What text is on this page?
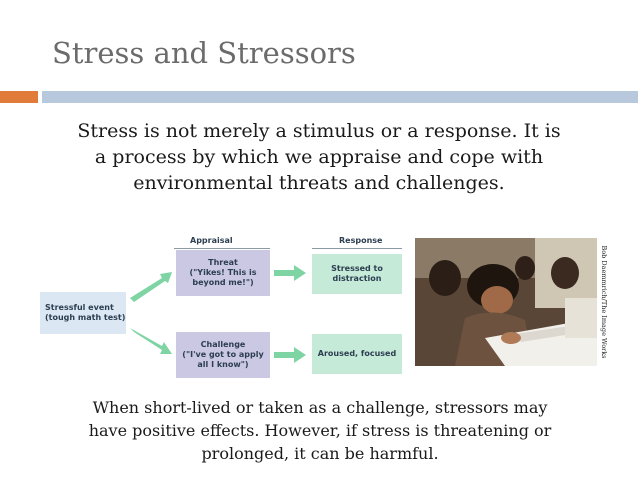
Stress and Stressors
Stress is not merely a stimulus or a response. It is
a process by which we appraise and cope with
environmental threats and challenges.
Appraisal	Response
Stressful event
(tough math test)
Threat
("Yikes! This is
beyond me!")
Challenge
("I've got to apply
all I know")
Stressed to
distraction
Aroused, focused	Bob Daemmrich/The Image Works
When short-lived or taken as a challenge, stressors may
have positive effects. However, if stress is threatening or
prolonged, it can be harmful.
